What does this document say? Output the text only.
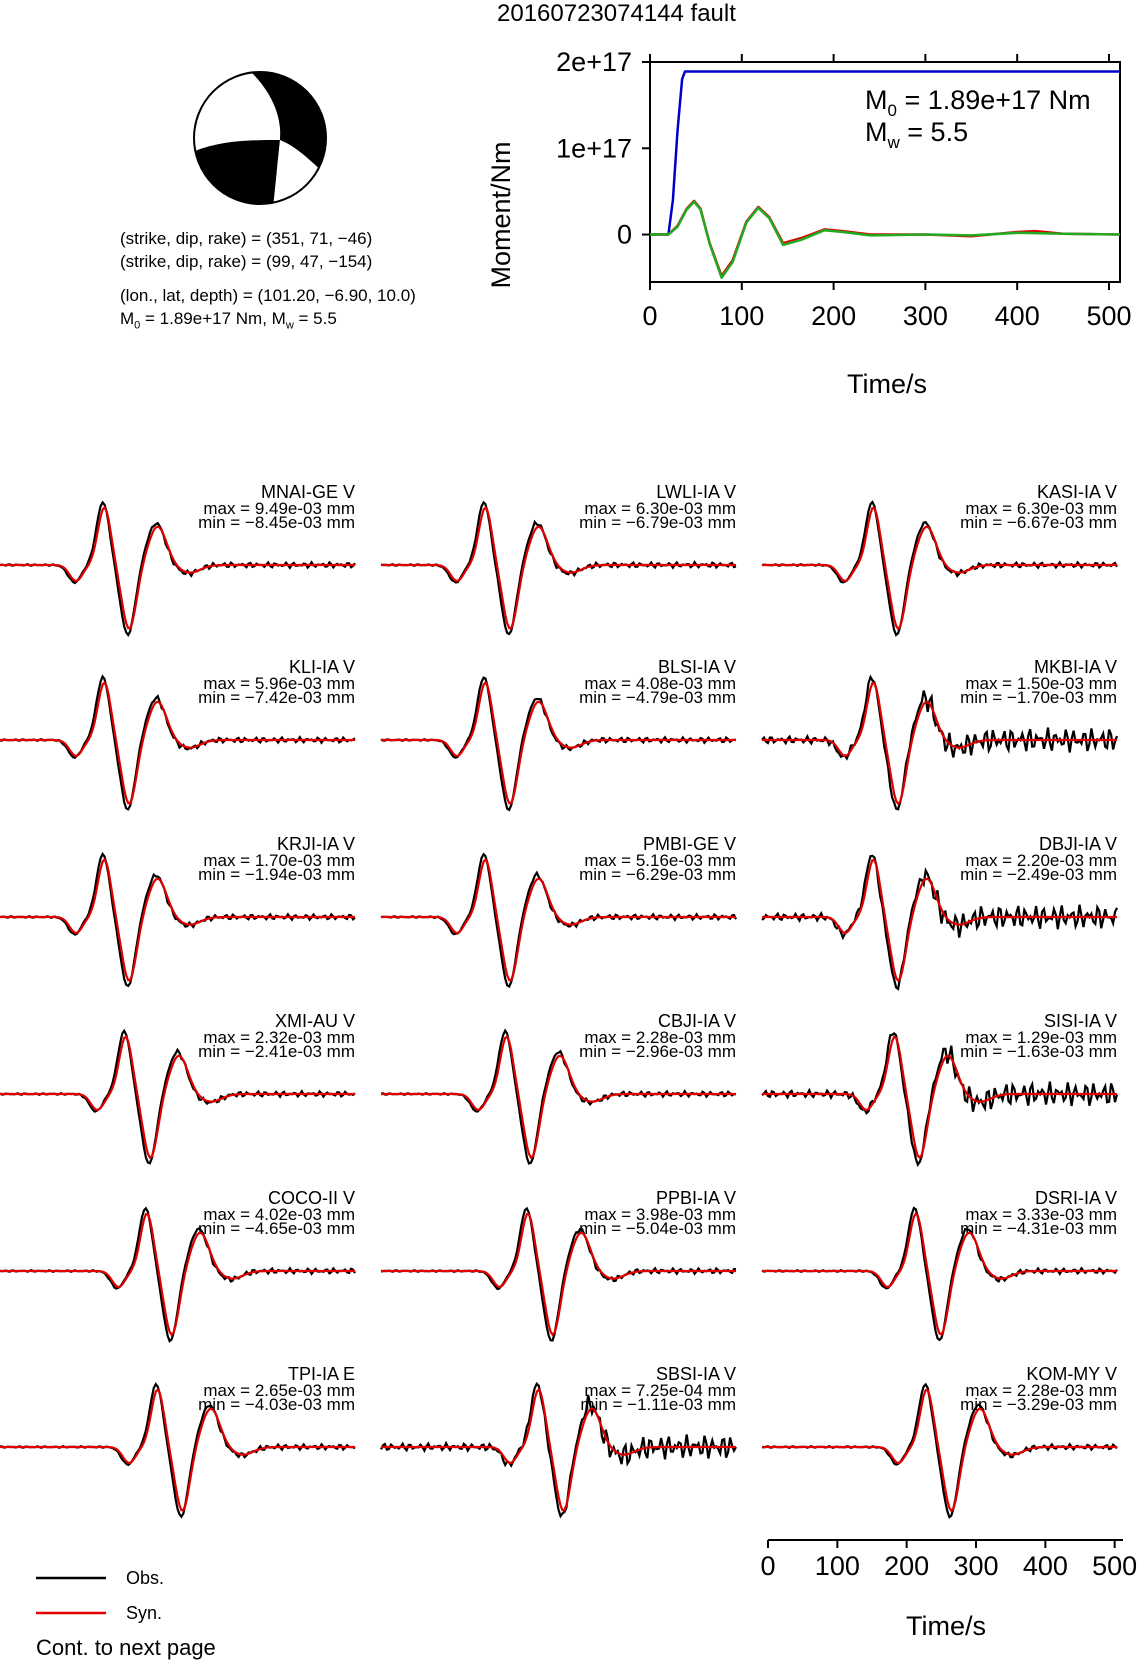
20160723074144 fault
(strike, dip, rake) = (351, 71, −46)
(strike, dip, rake) = (99, 47, −154)
(lon., lat, depth) = (101.20, −6.90, 10.0)
$M_0 = 1.89e+17$ Nm, $M_w = 5.5$	0 100 200 300 400 500
2e+17
1e+17
0
Moment/Nm
Time/s
$M_0 = 1.89e+17$ Nm
$M_w = 5.5$
MNAI-GE V
max = 9.49e-03 mm
min = −8.45e-03 mm
LWLI-IA V
max = 6.30e-03 mm
min = −6.79e-03 mm
KASI-IA V
max = 6.30e-03 mm
min = −6.67e-03 mm
KLI-IA V
max = 5.96e-03 mm
min = −7.42e-03 mm
BLSI-IA V
max = 4.08e-03 mm
min = −4.79e-03 mm
MKBI-IA V
max = 1.50e-03 mm
min = −1.70e-03 mm
KRJI-IA V
max = 1.70e-03 mm
min = −1.94e-03 mm
PMBI-GE V
max = 5.16e-03 mm
min = −6.29e-03 mm
DBJI-IA V
max = 2.20e-03 mm
min = −2.49e-03 mm
XMI-AU V
max = 2.32e-03 mm
min = −2.41e-03 mm
CBJI-IA V
max = 2.28e-03 mm
min = −2.96e-03 mm
SISI-IA V
max = 1.29e-03 mm
min = −1.63e-03 mm
COCO-II V
max = 4.02e-03 mm
min = −4.65e-03 mm
PPBI-IA V
max = 3.98e-03 mm
min = −5.04e-03 mm
DSRI-IA V
max = 3.33e-03 mm
min = −4.31e-03 mm
TPI-IA E
max = 2.65e-03 mm
min = −4.03e-03 mm
SBSI-IA V
max = 7.25e-04 mm
min = −1.11e-03 mm
KOM-MY V
max = 2.28e-03 mm
min = −3.29e-03 mm
0 100 200 300 400 500
Time/s
Obs.
Syn.
Cont. to next page
